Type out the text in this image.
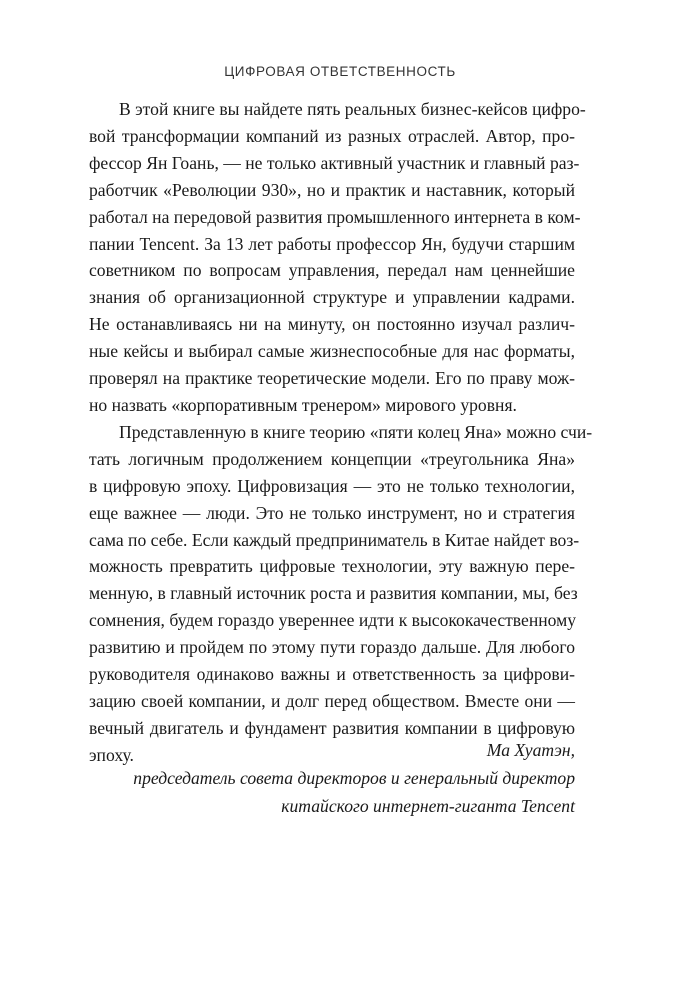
ЦИФРОВАЯ ОТВЕТСТВЕННОСТЬ

В этой книге вы найдете пять реальных бизнес-кейсов цифро-
вой трансформации компаний из разных отраслей. Автор, про-
фессор Ян Гоань, — не только активный участник и главный раз-
работчик «Революции 930», но и практик и наставник, который
работал на передовой развития промышленного интернета в ком-
пании Tencent. За 13 лет работы профессор Ян, будучи старшим
советником по вопросам управления, передал нам ценнейшие
знания об организационной структуре и управлении кадрами.
Не останавливаясь ни на минуту, он постоянно изучал различ-
ные кейсы и выбирал самые жизнеспособные для нас форматы,
проверял на практике теоретические модели. Его по праву мож-
но назвать «корпоративным тренером» мирового уровня.

Представленную в книге теорию «пяти колец Яна» можно счи-
тать логичным продолжением концепции «треугольника Яна»
в цифровую эпоху. Цифровизация — это не только технологии,
еще важнее — люди. Это не только инструмент, но и стратегия
сама по себе. Если каждый предприниматель в Китае найдет воз-
можность превратить цифровые технологии, эту важную пере-
менную, в главный источник роста и развития компании, мы, без
сомнения, будем гораздо увереннее идти к высококачественному
развитию и пройдем по этому пути гораздо дальше. Для любого
руководителя одинаково важны и ответственность за цифрови-
зацию своей компании, и долг перед обществом. Вместе они —
вечный двигатель и фундамент развития компании в цифровую
эпоху.	Ма Хуатэн,
председатель совета директоров и генеральный директор
китайского интернет-гиганта Tencent
